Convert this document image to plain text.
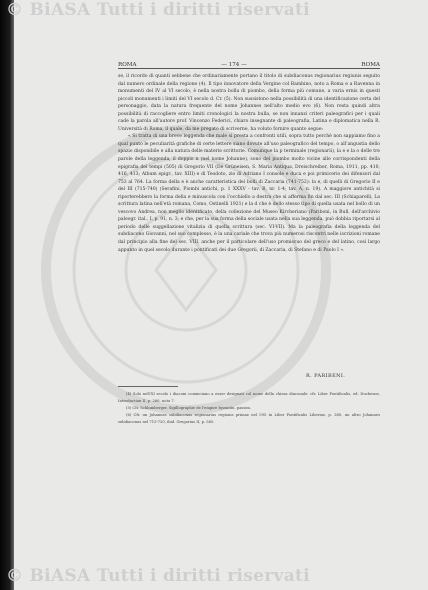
ROMA	— 174 —	ROMA

se, il ricordo di quanti sebbene che ordinariamente portano il titolo di subdiaconus regionarius regiunis seguito dal numero ordinale della regione (4). Il tipo innovatore della Vergine col Bambino, noto a Roma e a Ravenna in monumenti del IV al VI secolo, è nella nostra bolla di piombo, della forma più comune, a varia ernis in questi piccoli monumenti i limiti del VI secolo d. Cr. (5). Non sussistono nella possibilità di una identificazione certa del personaggio, data la natura frequente del nome Johannes nell'alto medio evo (6). Non resta quindi altra possibilità di raccogliere entro limiti cronologici la nostra bulla, se non innanzi criteri paleografici per i quali cade la parola all'autore prof. Vincenzo Federici, chiaro insegnante di paleografia, Latina e diplomatica nella R. Università di Roma, il quale, da me pregato di scriverne, ha voluto fornire quanto segue:

« Si tratta di una breve leggenda che male si presta a confronti utili, sopra tutto perchè non sappiamo fino a qual punto le peculiarità grafiche di certe lettere siano dovute all'uso paleografico del tempo, o all'angustia dello spazio disponibile e alla natura delle materie scrittorie. Comunque la p terminale (regionarii), la e e la o delle tre parole della leggenda, il doppio n (nel nome Johanne), sono del piombo molto vicine alle corrispondenti della epigrafia dei tempi (505) di Gregorio VII (De Grüneisen, S. Maria Antiqua, Dreischreiber, Roma, 1911, pp. 410, 416, 413; Album epigr., tav. XIII) e di Teodoto, zio di Adriano I console e duca e poi primicerio dei difensori dal 753 al 764. La forma della e è anche caratteristica dei bolli di Zaccaria (741-752): la e, di quelli di Gregorio II e del III (715-740) (Serafini, Piombi antichi, p. 1 XXXV - tav. B, nr. 1-4; tav. A, n. 19). A maggiore antichità si riporterebbero la forma della e minuscola con l'occhiello a destra che si afferma fin dal sec. III (Schiaparelli, La scrittura latina nell'età romana, Como, Ostinelli 1921) e la d che è dello stesso tipo di quella usata nel bollo di un vescovo Andrea, non meglio identificato, della collezione del Museo Kircheriano (Pariboni, in Bull. dell'archivio paleogr. ital., I, p. 91, n. 3; e che, per la sua forma della sociale usata nella sua leggenda, può dobbia riportarsi al periodo delle suggellazione vitalizia di quella scrittura (sec. VI-VII). Ma la paleografia della leggenda del subdiacono Giovanni, nel suo complesso, è la una cariale che trova più numerosi riscontri nelle iscrizioni romane dal principio alla fine del sec. VIII, anche per il particolare dell'uso promiscuo del greco e del latino, così largo appunto in quel secolo durante i pontificati dei due Gregorii, di Zaccaria, di Stefano e di Paolo I ».

R. PARIBENI.

(4) Solo nell'XI secolo i diaconi cominciano a esser designati col nome della chiesa diaconale: cfr. Liber Pontificalis, ed. Duchesne, Introduction II, p. 266, nota 7.

(5) Cfr. Schlumberger, Sigillographie de l'empire byzantin, passim.

(6) Cfr. un Johannes subdiaconus regionarius regionis primae nel 595 in Liber Pontificalis Liberius, p. 280, un altro Johannes subdiaconus nel 713-720, ibid. Gregorius II, p. 565.

© BiASA Tutti i diritti riservati
© BiASA Tutti i diritti riservati
